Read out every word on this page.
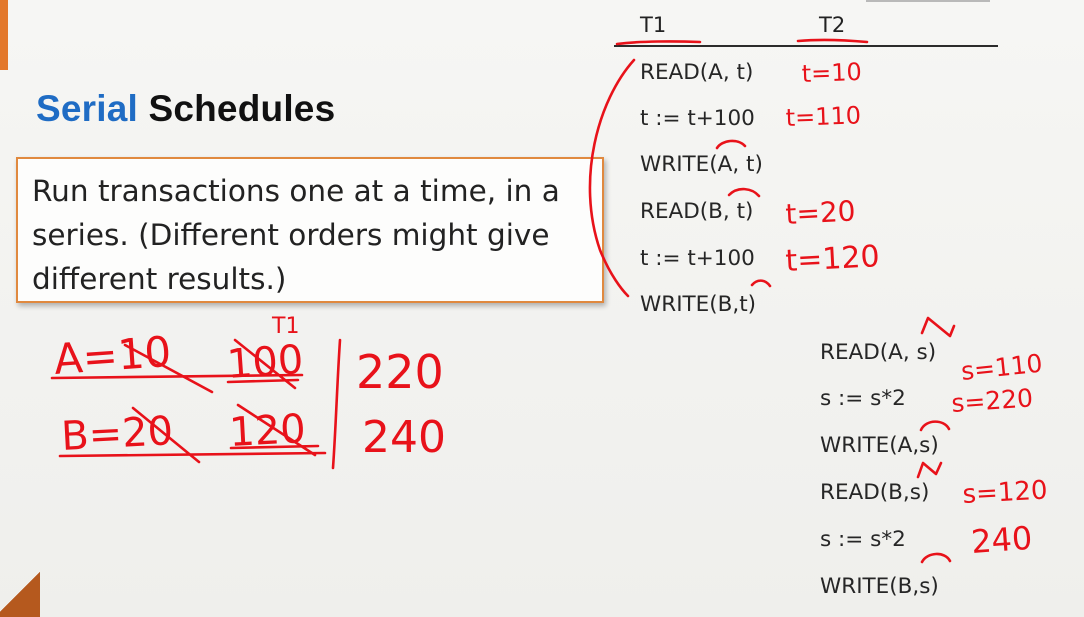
Serial Schedules
Run transactions one at a time, in a series. (Different orders might give different results.)
T1	T2
READ(A, t)
t := t+100
WRITE(A, t)
READ(B, t)
t := t+100
WRITE(B,t)
READ(A, s)
s := s*2
WRITE(A,s)
READ(B,s)
s := s*2
WRITE(B,s)
t=10
t=110
t=20
t=120
s=110
s=220
s=120
240
T1
A=10 100
B=20 120
220
240
